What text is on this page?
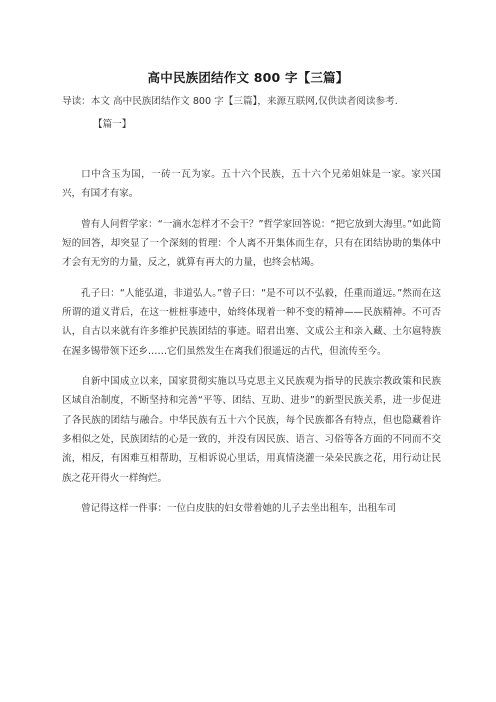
高中民族团结作文 800 字【三篇】
导读：本文 高中民族团结作文 800 字【三篇】，来源互联网,仅供读者阅读参考.
【篇一】

口中含玉为国，一砖一瓦为家。五十六个民族，五十六个兄弟姐妹是一家。家兴国兴，有国才有家。

曾有人问哲学家：“一滴水怎样才不会干？”哲学家回答说：“把它放到大海里。”如此简短的回答，却突显了一个深刻的哲理：个人离不开集体而生存，只有在团结协助的集体中才会有无穷的力量，反之，就算有再大的力量，也终会枯竭。

孔子曰：“人能弘道，非道弘人。”曾子曰：“是不可以不弘毅，任重而道远。”然而在这所谓的道义背后，在这一桩桩事迹中，始终体现着一种不变的精神——民族精神。不可否认，自古以来就有许多维护民族团结的事迹。昭君出塞、文成公主和亲入藏、土尔扈特族在渥多锡带领下还乡……它们虽然发生在离我们很遥远的古代，但流传至今。

自新中国成立以来，国家贯彻实施以马克思主义民族观为指导的民族宗教政策和民族区域自治制度，不断坚持和完善“平等、团结、互助、进步”的新型民族关系，进一步促进了各民族的团结与融合。中华民族有五十六个民族，每个民族都各有特点，但也隐藏着许多相似之处，民族团结的心是一致的，并没有因民族、语言、习俗等各方面的不同而不交流，相反，有困难互相帮助，互相诉说心里话，用真情浇灌一朵朵民族之花，用行动让民族之花开得火一样绚烂。

曾记得这样一件事：一位白皮肤的妇女带着她的儿子去坐出租车，出租车司
